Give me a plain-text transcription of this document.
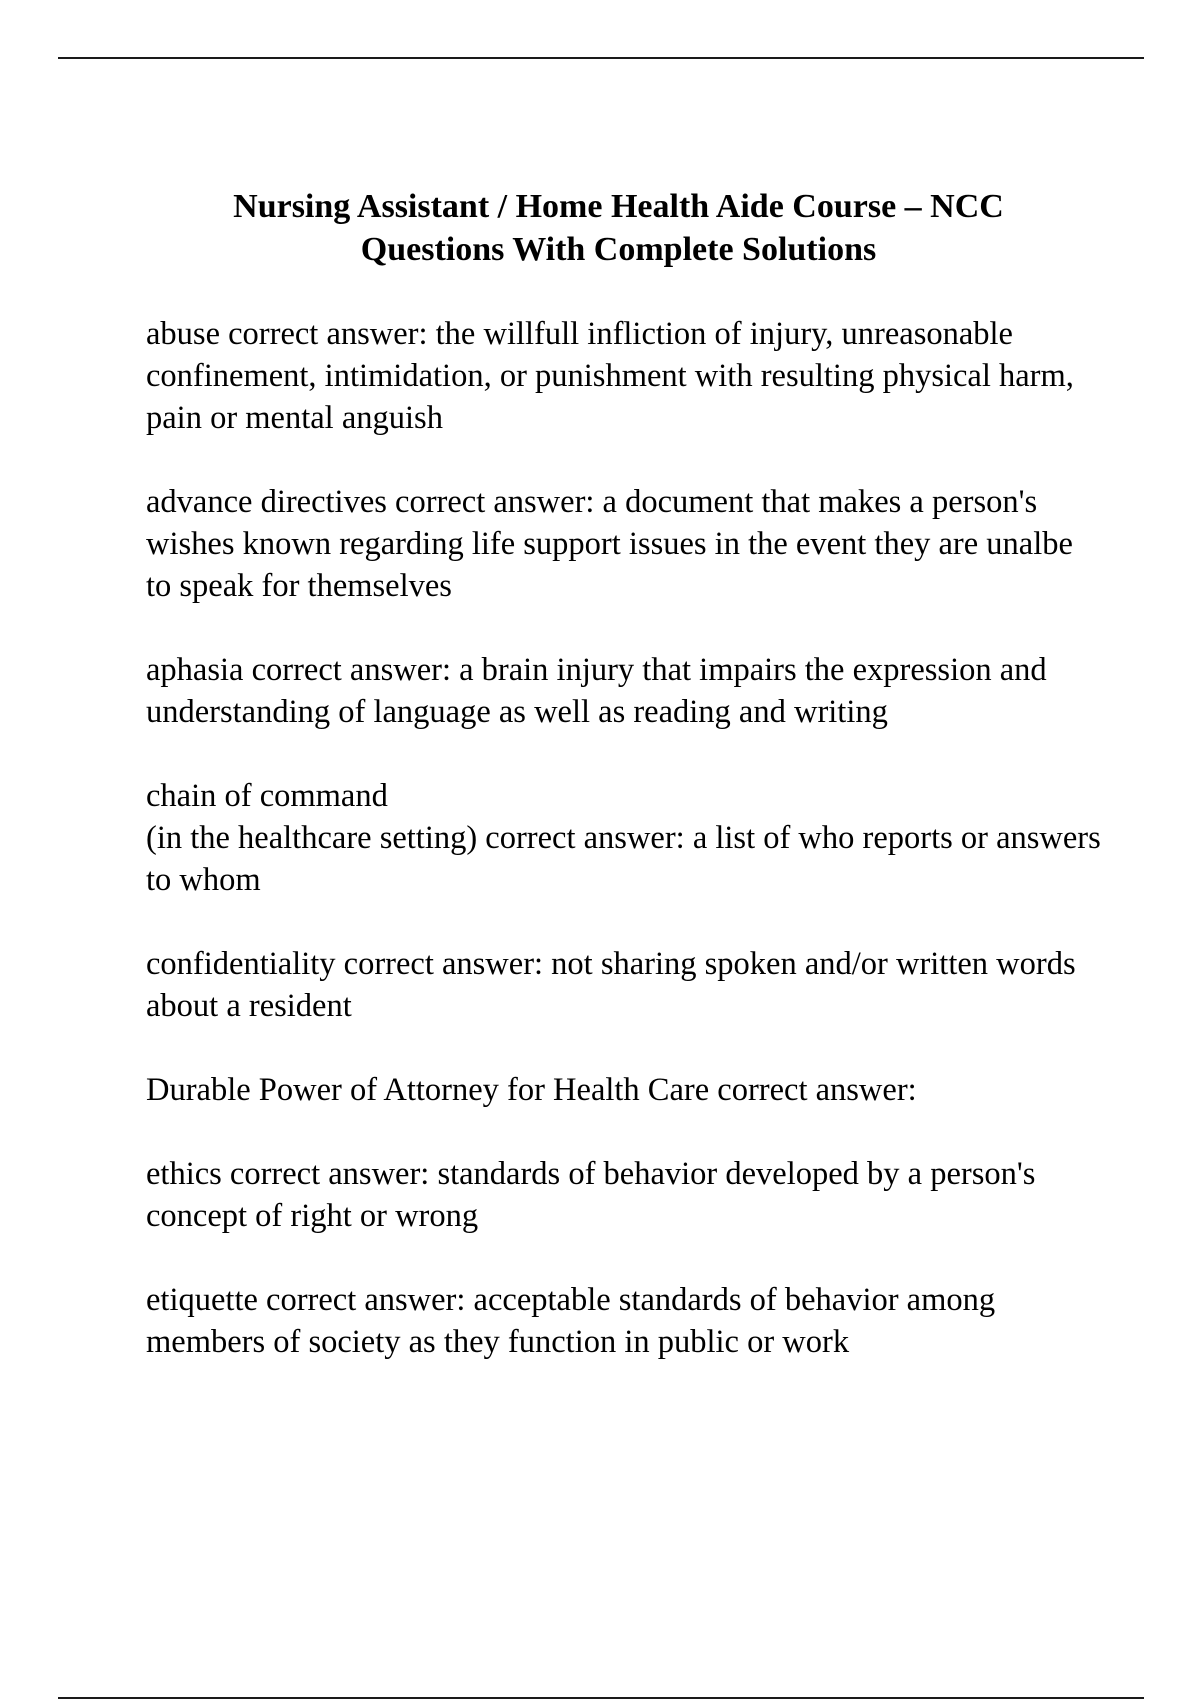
Nursing Assistant / Home Health Aide Course – NCC
Questions With Complete Solutions
abuse correct answer: the willfull infliction of injury, unreasonable confinement, intimidation, or punishment with resulting physical harm, pain or mental anguish
advance directives correct answer: a document that makes a person's wishes known regarding life support issues in the event they are unalbe to speak for themselves
aphasia correct answer: a brain injury that impairs the expression and understanding of language as well as reading and writing
chain of command
(in the healthcare setting) correct answer: a list of who reports or answers to whom
confidentiality correct answer: not sharing spoken and/or written words about a resident
Durable Power of Attorney for Health Care correct answer:
ethics correct answer: standards of behavior developed by a person's concept of right or wrong
etiquette correct answer: acceptable standards of behavior among members of society as they function in public or work
